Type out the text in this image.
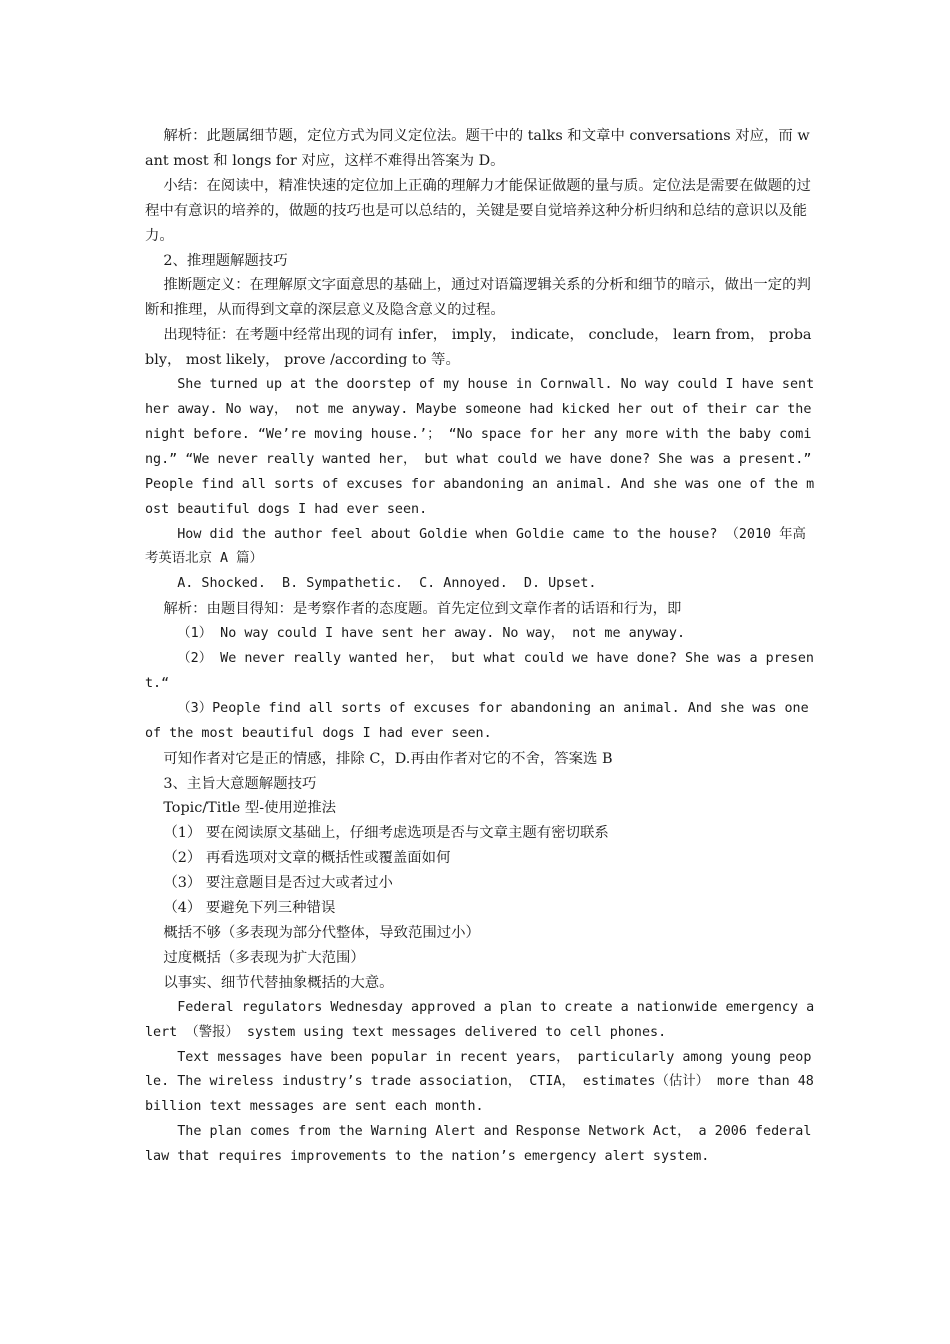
解析：此题属细节题，定位方式为同义定位法。题干中的 talks 和文章中 conversations 对应，而 want most 和 longs for 对应，这样不难得出答案为 D。

小结：在阅读中，精准快速的定位加上正确的理解力才能保证做题的量与质。定位法是需要在做题的过程中有意识的培养的，做题的技巧也是可以总结的，关键是要自觉培养这种分析归纳和总结的意识以及能力。

2、推理题解题技巧

推断题定义：在理解原文字面意思的基础上，通过对语篇逻辑关系的分析和细节的暗示，做出一定的判断和推理，从而得到文章的深层意义及隐含意义的过程。

出现特征：在考题中经常出现的词有 infer， imply， indicate， conclude， learn from， probably， most likely， prove /according to 等。

She turned up at the doorstep of my house in Cornwall. No way could I have sent her away. No way， not me anyway. Maybe someone had kicked her out of their car the night before. “We’re moving house.’； “No space for her any more with the baby coming.” “We never really wanted her， but what could we have done? She was a present.” People find all sorts of excuses for abandoning an animal. And she was one of the most beautiful dogs I had ever seen.

How did the author feel about Goldie when Goldie came to the house? （2010 年高考英语北京 A 篇）

A. Shocked.  B. Sympathetic.  C. Annoyed.  D. Upset.

解析：由题目得知：是考察作者的态度题。首先定位到文章作者的话语和行为，即

（1） No way could I have sent her away. No way， not me anyway.

（2） We never really wanted her， but what could we have done? She was a present.“

（3）People find all sorts of excuses for abandoning an animal. And she was one of the most beautiful dogs I had ever seen.

可知作者对它是正的情感，排除 C，D.再由作者对它的不舍，答案选 B

3、主旨大意题解题技巧

Topic/Title 型-使用逆推法

（1） 要在阅读原文基础上，仔细考虑选项是否与文章主题有密切联系

（2） 再看选项对文章的概括性或覆盖面如何

（3） 要注意题目是否过大或者过小

（4） 要避免下列三种错误

概括不够（多表现为部分代整体，导致范围过小）

过度概括（多表现为扩大范围）

以事实、细节代替抽象概括的大意。

Federal regulators Wednesday approved a plan to create a nationwide emergency alert （警报） system using text messages delivered to cell phones.

Text messages have been popular in recent years， particularly among young people. The wireless industry’s trade association， CTIA， estimates（估计） more than 48 billion text messages are sent each month.

The plan comes from the Warning Alert and Response Network Act， a 2006 federal law that requires improvements to the nation’s emergency alert system.
